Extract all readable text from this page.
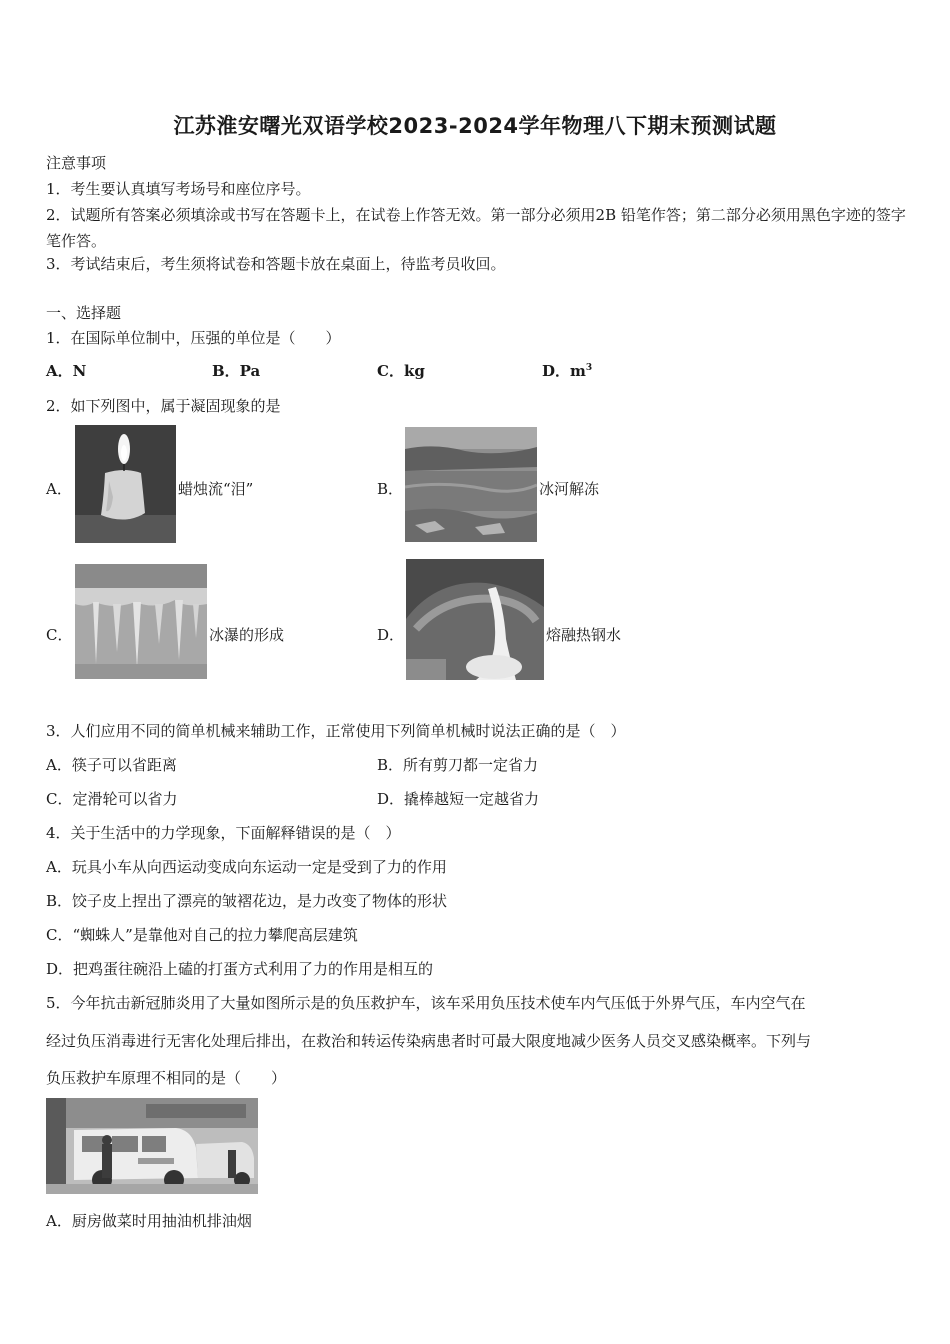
江苏淮安曙光双语学校2023-2024学年物理八下期末预测试题
注意事项
1．考生要认真填写考场号和座位序号。
2．试题所有答案必须填涂或书写在答题卡上，在试卷上作答无效。第一部分必须用2B 铅笔作答；第二部分必须用黑色字迹的签字笔作答。
3．考试结束后，考生须将试卷和答题卡放在桌面上，待监考员收回。
一、选择题
1．在国际单位制中，压强的单位是（　　）
A．N	B．Pa	C．kg	D．$m^3$
2．如下列图中，属于凝固现象的是
A．	蜡烛流“泪”	B．	冰河解冻
C．	冰瀑的形成	D．	熔融热钢水
3．人们应用不同的简单机械来辅助工作，正常使用下列简单机械时说法正确的是（　）
A．筷子可以省距离	B．所有剪刀都一定省力
C．定滑轮可以省力	D．撬棒越短一定越省力
4．关于生活中的力学现象，下面解释错误的是（　）
A．玩具小车从向西运动变成向东运动一定是受到了力的作用
B．饺子皮上捏出了漂亮的皱褶花边，是力改变了物体的形状
C．“蜘蛛人”是靠他对自己的拉力攀爬高层建筑
D．把鸡蛋往碗沿上磕的打蛋方式利用了力的作用是相互的
5．今年抗击新冠肺炎用了大量如图所示是的负压救护车，该车采用负压技术使车内气压低于外界气压，车内空气在
经过负压消毒进行无害化处理后排出，在救治和转运传染病患者时可最大限度地减少医务人员交叉感染概率。下列与
负压救护车原理不相同的是（　　）
A．厨房做菜时用抽油机排油烟
